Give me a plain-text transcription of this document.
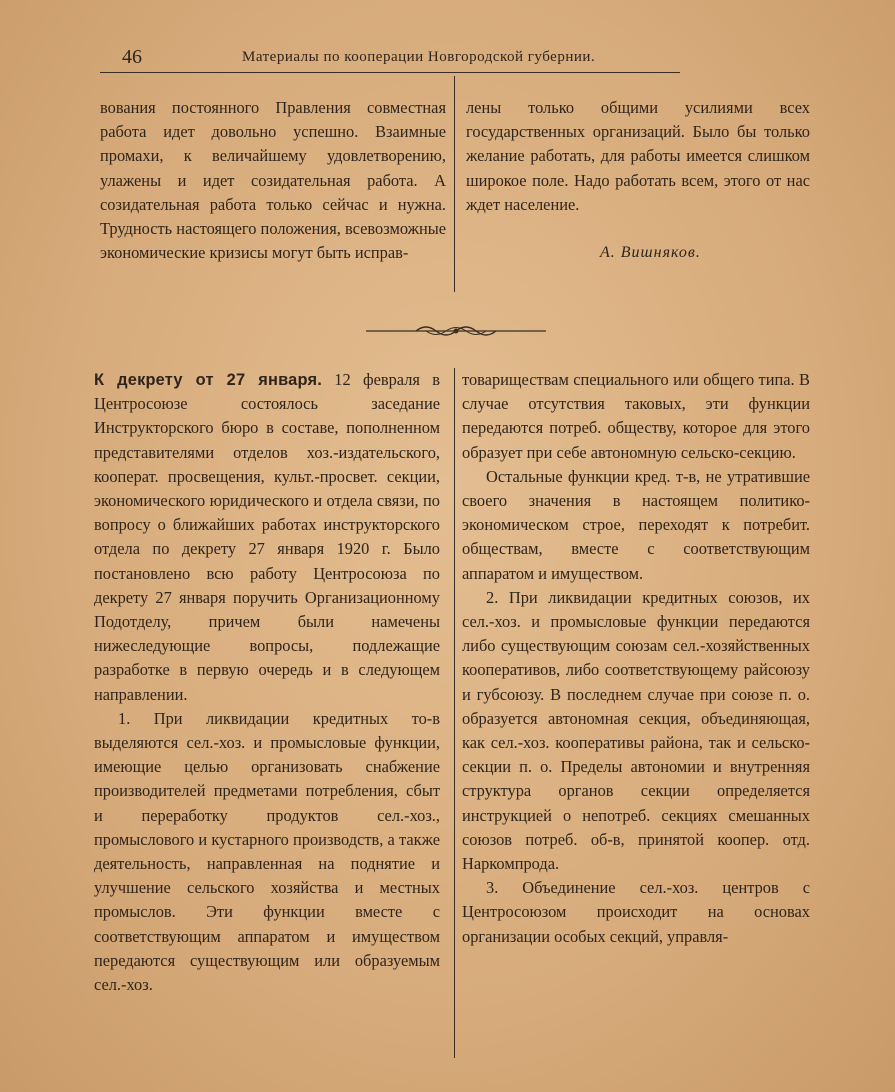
46	Материалы по кооперации Новгородской губернии.

вования постоянного Правления совместная работа идет довольно успешно. Взаимные промахи, к величайшему удовлетворению, улажены и идет созидательная работа. А созидательная работа только сейчас и нужна. Трудность настоящего положения, всевозможные экономические кризисы могут быть исправ-

лены только общими усилиями всех государственных организаций. Было бы только желание работать, для работы имеется слишком широкое поле. Надо работать всем, этого от нас ждет население.

А. Вишняков.

К декрету от 27 января. 12 февраля в Центросоюзе состоялось заседание Инструкторского бюро в составе, пополненном представителями отделов хоз.-издательского, кооперат. просвещения, культ.-просвет. секции, экономического юридического и отдела связи, по вопросу о ближайших работах инструкторского отдела по декрету 27 января 1920 г. Было постановлено всю работу Центросоюза по декрету 27 января поручить Организационному Подотделу, причем были намечены нижеследующие вопросы, подлежащие разработке в первую очередь и в следующем направлении.

1. При ликвидации кредитных то-в выделяются сел.-хоз. и промысловые функции, имеющие целью организовать снабжение производителей предметами потребления, сбыт и переработку продуктов сел.-хоз., промыслового и кустарного производств, а также деятельность, направленная на поднятие и улучшение сельского хозяйства и местных промыслов. Эти функции вместе с соответствующим аппаратом и имуществом передаются существующим или образуемым сел.-хоз.

товариществам специального или общего типа. В случае отсутствия таковых, эти функции передаются потреб. обществу, которое для этого образует при себе автономную сельско-секцию.

Остальные функции кред. т-в, не утратившие своего значения в настоящем политико-экономическом строе, переходят к потребит. обществам, вместе с соответствующим аппаратом и имуществом.

2. При ликвидации кредитных союзов, их сел.-хоз. и промысловые функции передаются либо существующим союзам сел.-хозяйственных кооперативов, либо соответствующему райсоюзу и губсоюзу. В последнем случае при союзе п. о. образуется автономная секция, объединяющая, как сел.-хоз. кооперативы района, так и сельско-секции п. о. Пределы автономии и внутренняя структура органов секции определяется инструкцией о непотреб. секциях смешанных союзов потреб. об-в, принятой коопер. отд. Наркомпрода.

3. Объединение сел.-хоз. центров с Центросоюзом происходит на основах организации особых секций, управля-
